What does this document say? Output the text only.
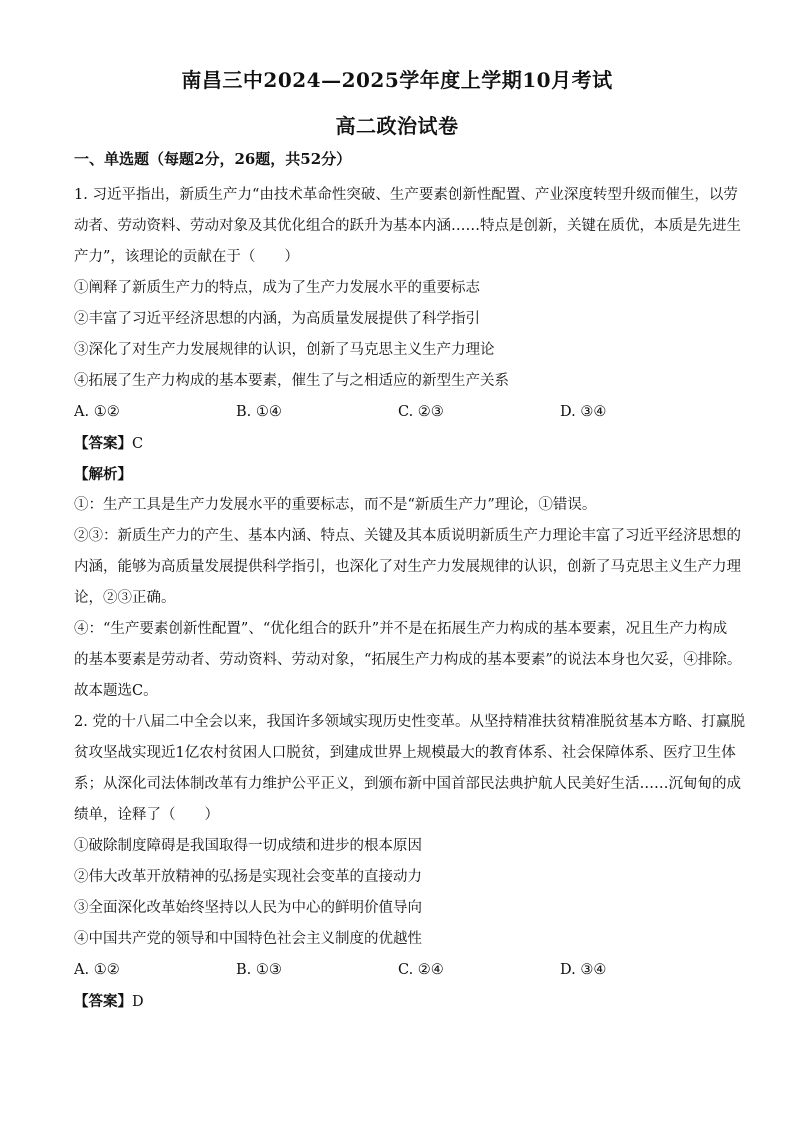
南昌三中2024—2025学年度上学期10月考试
高二政治试卷
一、单选题（每题2分，26题，共52分）
1. 习近平指出，新质生产力“由技术革命性突破、生产要素创新性配置、产业深度转型升级而催生，以劳
动者、劳动资料、劳动对象及其优化组合的跃升为基本内涵……特点是创新，关键在质优，本质是先进生
产力”，该理论的贡献在于（　　）
①阐释了新质生产力的特点，成为了生产力发展水平的重要标志
②丰富了习近平经济思想的内涵，为高质量发展提供了科学指引
③深化了对生产力发展规律的认识，创新了马克思主义生产力理论
④拓展了生产力构成的基本要素，催生了与之相适应的新型生产关系
A. ①②	B. ①④	C. ②③	D. ③④
【答案】C
【解析】
①：生产工具是生产力发展水平的重要标志，而不是“新质生产力”理论，①错误。
②③：新质生产力的产生、基本内涵、特点、关键及其本质说明新质生产力理论丰富了习近平经济思想的
内涵，能够为高质量发展提供科学指引，也深化了对生产力发展规律的认识，创新了马克思主义生产力理
论，②③正确。
④：“生产要素创新性配置”、“优化组合的跃升”并不是在拓展生产力构成的基本要素，况且生产力构成
的基本要素是劳动者、劳动资料、劳动对象，“拓展生产力构成的基本要素”的说法本身也欠妥，④排除。
故本题选C。
2. 党的十八届二中全会以来，我国许多领域实现历史性变革。从坚持精准扶贫精准脱贫基本方略、打赢脱
贫攻坚战实现近1亿农村贫困人口脱贫，到建成世界上规模最大的教育体系、社会保障体系、医疗卫生体
系；从深化司法体制改革有力维护公平正义，到颁布新中国首部民法典护航人民美好生活……沉甸甸的成
绩单，诠释了（　　）
①破除制度障碍是我国取得一切成绩和进步的根本原因
②伟大改革开放精神的弘扬是实现社会变革的直接动力
③全面深化改革始终坚持以人民为中心的鲜明价值导向
④中国共产党的领导和中国特色社会主义制度的优越性
A. ①②	B. ①③	C. ②④	D. ③④
【答案】D
